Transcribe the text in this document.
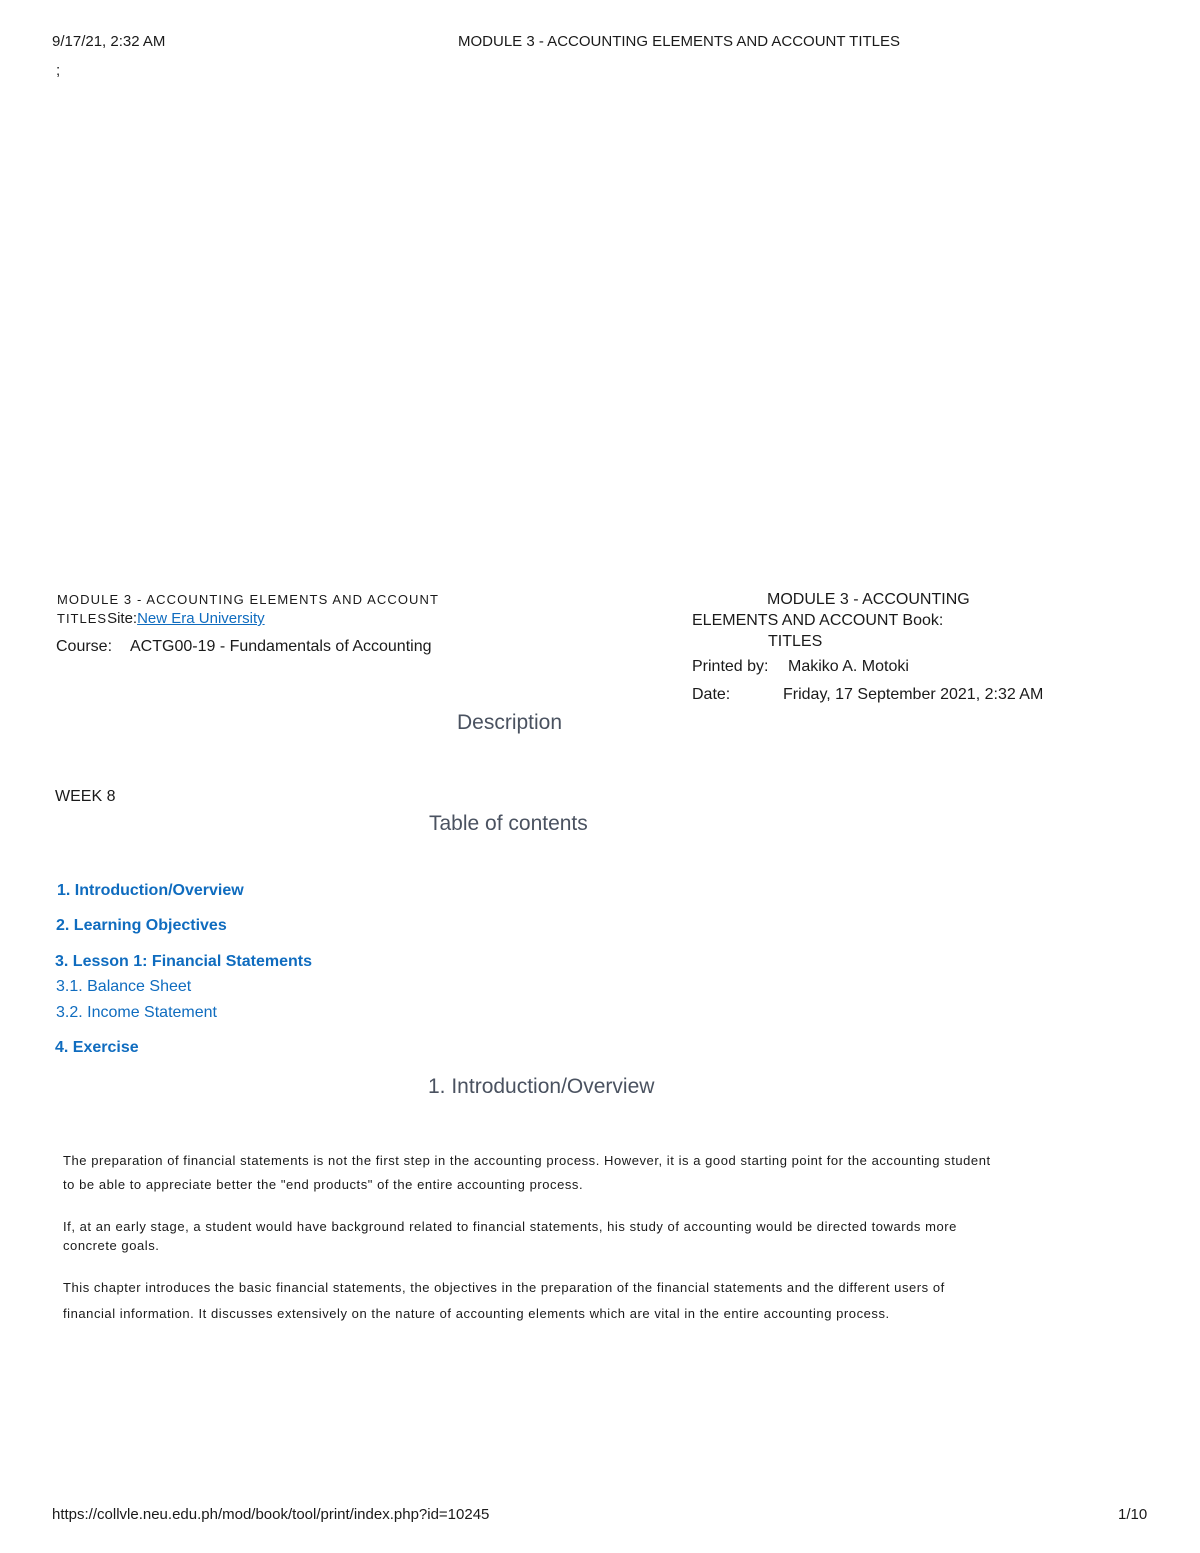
9/17/21, 2:32 AM	MODULE 3 - ACCOUNTING ELEMENTS AND ACCOUNT TITLES
;
MODULE 3 - ACCOUNTING ELEMENTS AND ACCOUNT
TITLESSite:New Era University
Course: ACTG00-19 - Fundamentals of Accounting
MODULE 3 - ACCOUNTING
ELEMENTS AND ACCOUNT Book:
TITLES
Printed by: Makiko A. Motoki
Date:	Friday, 17 September 2021, 2:32 AM
Description
WEEK 8
Table of contents
1. Introduction/Overview
2. Learning Objectives
3. Lesson 1: Financial Statements
3.1. Balance Sheet
3.2. Income Statement
4. Exercise
1. Introduction/Overview
The preparation of financial statements is not the first step in the accounting process. However, it is a good starting point for the accounting student
to be able to appreciate better the "end products" of the entire accounting process.
If, at an early stage, a student would have background related to financial statements, his study of accounting would be directed towards more
concrete goals.
This chapter introduces the basic financial statements, the objectives in the preparation of the financial statements and the different users of
financial information. It discusses extensively on the nature of accounting elements which are vital in the entire accounting process.
https://collvle.neu.edu.ph/mod/book/tool/print/index.php?id=10245	1/10
